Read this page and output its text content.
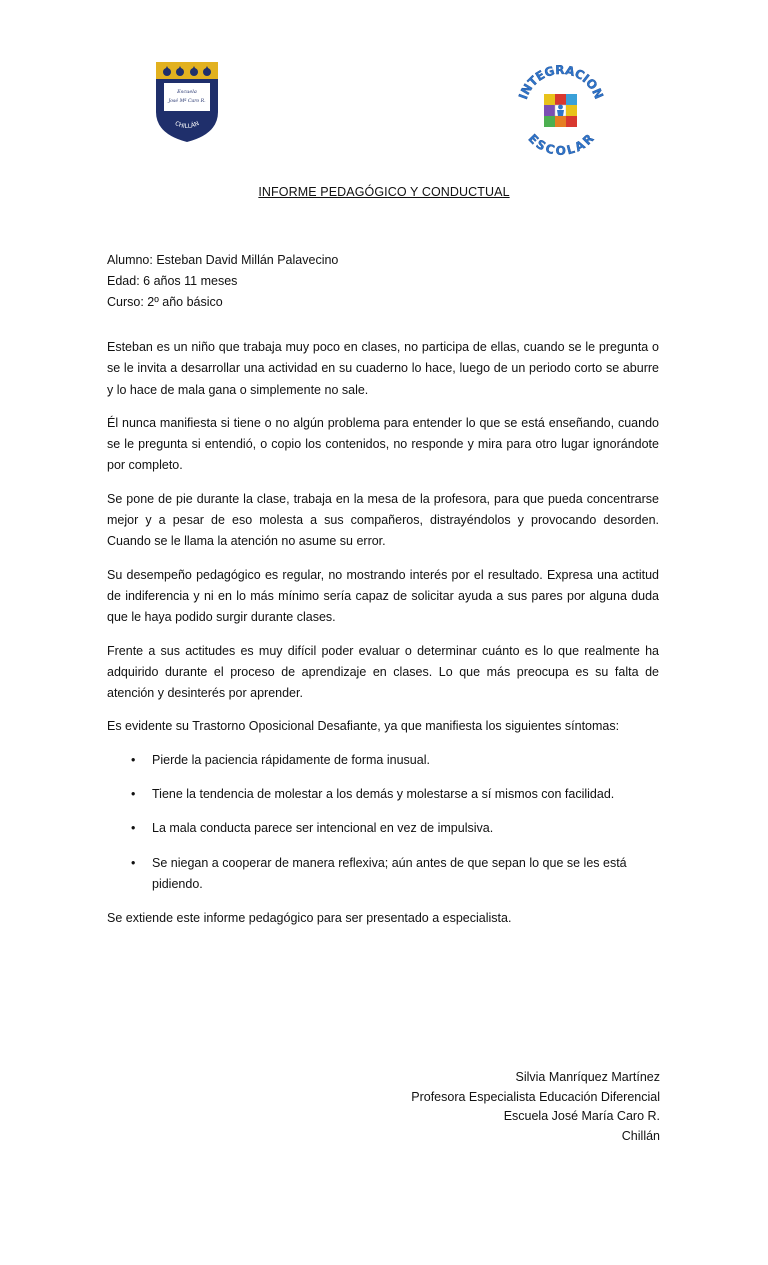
Escuela
José Mª Caro R.
CHILLÁN
INTEGRACION
ESCOLAR
INFORME PEDAGÓGICO Y CONDUCTUAL
Alumno: Esteban David Millán Palavecino
Edad: 6 años 11 meses
Curso: 2º año básico

Esteban es un niño que trabaja muy poco en clases, no participa de ellas, cuando se le pregunta o se le invita a desarrollar una actividad en su cuaderno lo hace, luego de un periodo corto se aburre y lo hace de mala gana o simplemente no sale.

Él nunca manifiesta si tiene o no algún problema para entender lo que se está enseñando, cuando se le pregunta si entendió, o copio los contenidos, no responde y mira para otro lugar ignorándote por completo.

Se pone de pie durante la clase, trabaja en la mesa de la profesora, para que pueda concentrarse mejor y a pesar de eso molesta a sus compañeros, distrayéndolos y provocando desorden. Cuando se le llama la atención no asume su error.

Su desempeño pedagógico es regular, no mostrando interés por el resultado. Expresa una actitud de indiferencia y ni en lo más mínimo sería capaz de solicitar ayuda a sus pares por alguna duda que le haya podido surgir durante clases.

Frente a sus actitudes es muy difícil poder evaluar o determinar cuánto es lo que realmente ha adquirido durante el proceso de aprendizaje en clases. Lo que más preocupa es su falta de atención y desinterés por aprender.

Es evidente su Trastorno Oposicional Desafiante, ya que manifiesta los siguientes síntomas:

• Pierde la paciencia rápidamente de forma inusual.
• Tiene la tendencia de molestar a los demás y molestarse a sí mismos con facilidad.
• La mala conducta parece ser intencional en vez de impulsiva.
• Se niegan a cooperar de manera reflexiva; aún antes de que sepan lo que se les está pidiendo.

Se extiende este informe pedagógico para ser presentado a especialista.

Silvia Manríquez Martínez
Profesora Especialista Educación Diferencial
Escuela José María Caro R.
Chillán
